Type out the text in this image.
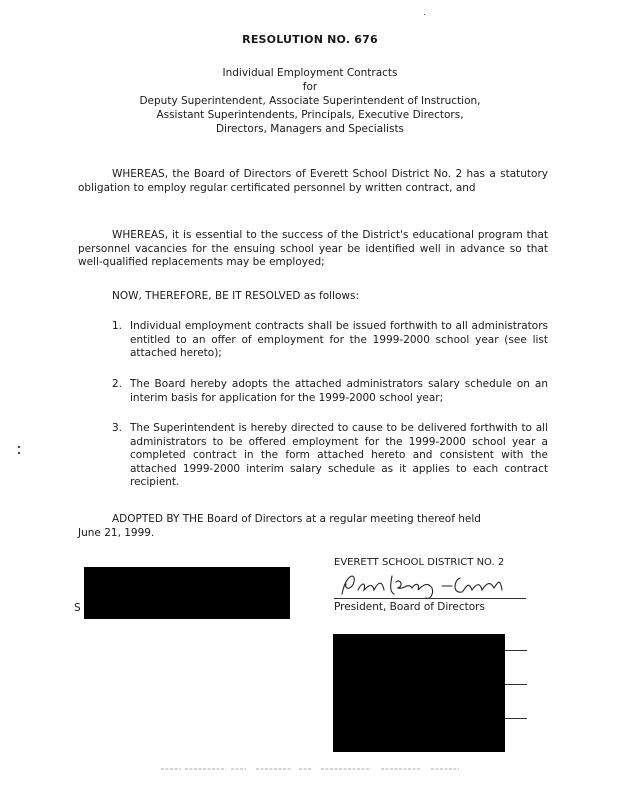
RESOLUTION NO. 676
Individual Employment Contracts
for
Deputy Superintendent, Associate Superintendent of Instruction,
Assistant Superintendents, Principals, Executive Directors,
Directors, Managers and Specialists
WHEREAS, the Board of Directors of Everett School District No. 2 has a statutory obligation to employ regular certificated personnel by written contract, and
WHEREAS, it is essential to the success of the District's educational program that personnel vacancies for the ensuing school year be identified well in advance so that well-qualified replacements may be employed;
NOW, THEREFORE, BE IT RESOLVED as follows:
1. Individual employment contracts shall be issued forthwith to all administrators entitled to an offer of employment for the 1999-2000 school year (see list attached hereto);
2. The Board hereby adopts the attached administrators salary schedule on an interim basis for application for the 1999-2000 school year;
3. The Superintendent is hereby directed to cause to be delivered forthwith to all administrators to be offered employment for the 1999-2000 school year a completed contract in the form attached hereto and consistent with the attached 1999-2000 interim salary schedule as it applies to each contract recipient.
ADOPTED BY THE Board of Directors at a regular meeting thereof held
June 21, 1999.
S
EVERETT SCHOOL DISTRICT NO. 2
President, Board of Directors
